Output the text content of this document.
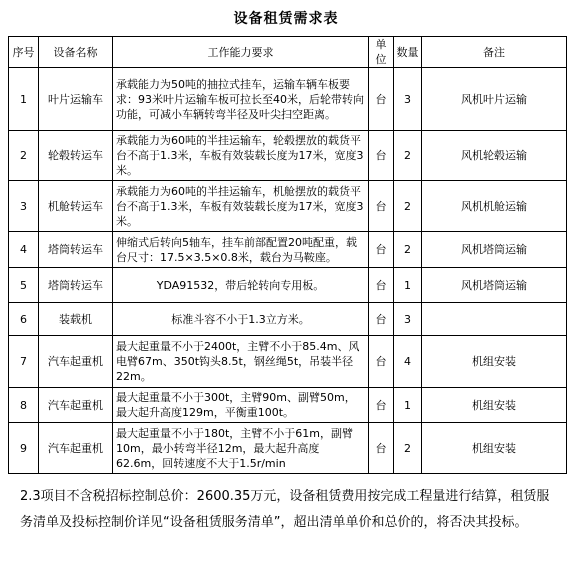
设备租赁需求表
序号	设备名称	工作能力要求	单位	数量	备注
1	叶片运输车	承载能力为50吨的抽拉式挂车，运输车辆车板要求：93米叶片运输车板可拉长至40米，后轮带转向功能，可减小车辆转弯半径及叶尖扫空距离。	台	3	风机叶片运输
2	轮毂转运车	承载能力为60吨的半挂运输车，轮毂摆放的载货平台不高于1.3米，车板有效装载长度为17米，宽度3米。	台	2	风机轮毂运输
3	机舱转运车	承载能力为60吨的半挂运输车，机舱摆放的载货平台不高于1.3米，车板有效装载长度为17米，宽度3米。	台	2	风机机舱运输
4	塔筒转运车	伸缩式后转向5轴车，挂车前部配置20吨配重，载台尺寸：17.5×3.5×0.8米，载台为马鞍座。	台	2	风机塔筒运输
5	塔筒转运车	YDA91532，带后轮转向专用板。	台	1	风机塔筒运输
6	装载机	标准斗容不小于1.3立方米。	台	3	
7	汽车起重机	最大起重量不小于2400t，主臂不小于85.4m、风电臂67m、350t钩头8.5t，钢丝绳5t，吊装半径22m。	台	4	机组安装
8	汽车起重机	最大起重量不小于300t，主臂90m、副臂50m，最大起升高度129m，平衡重100t。	台	1	机组安装
9	汽车起重机	最大起重量不小于180t，主臂不小于61m，副臂10m，最小转弯半径12m，最大起升高度62.6m，回转速度不大于1.5r/min	台	2	机组安装
2.3项目不含税招标控制总价：2600.35万元，设备租赁费用按完成工程量进行结算，租赁服务清单及投标控制价详见“设备租赁服务清单”，超出清单单价和总价的，将否决其投标。
